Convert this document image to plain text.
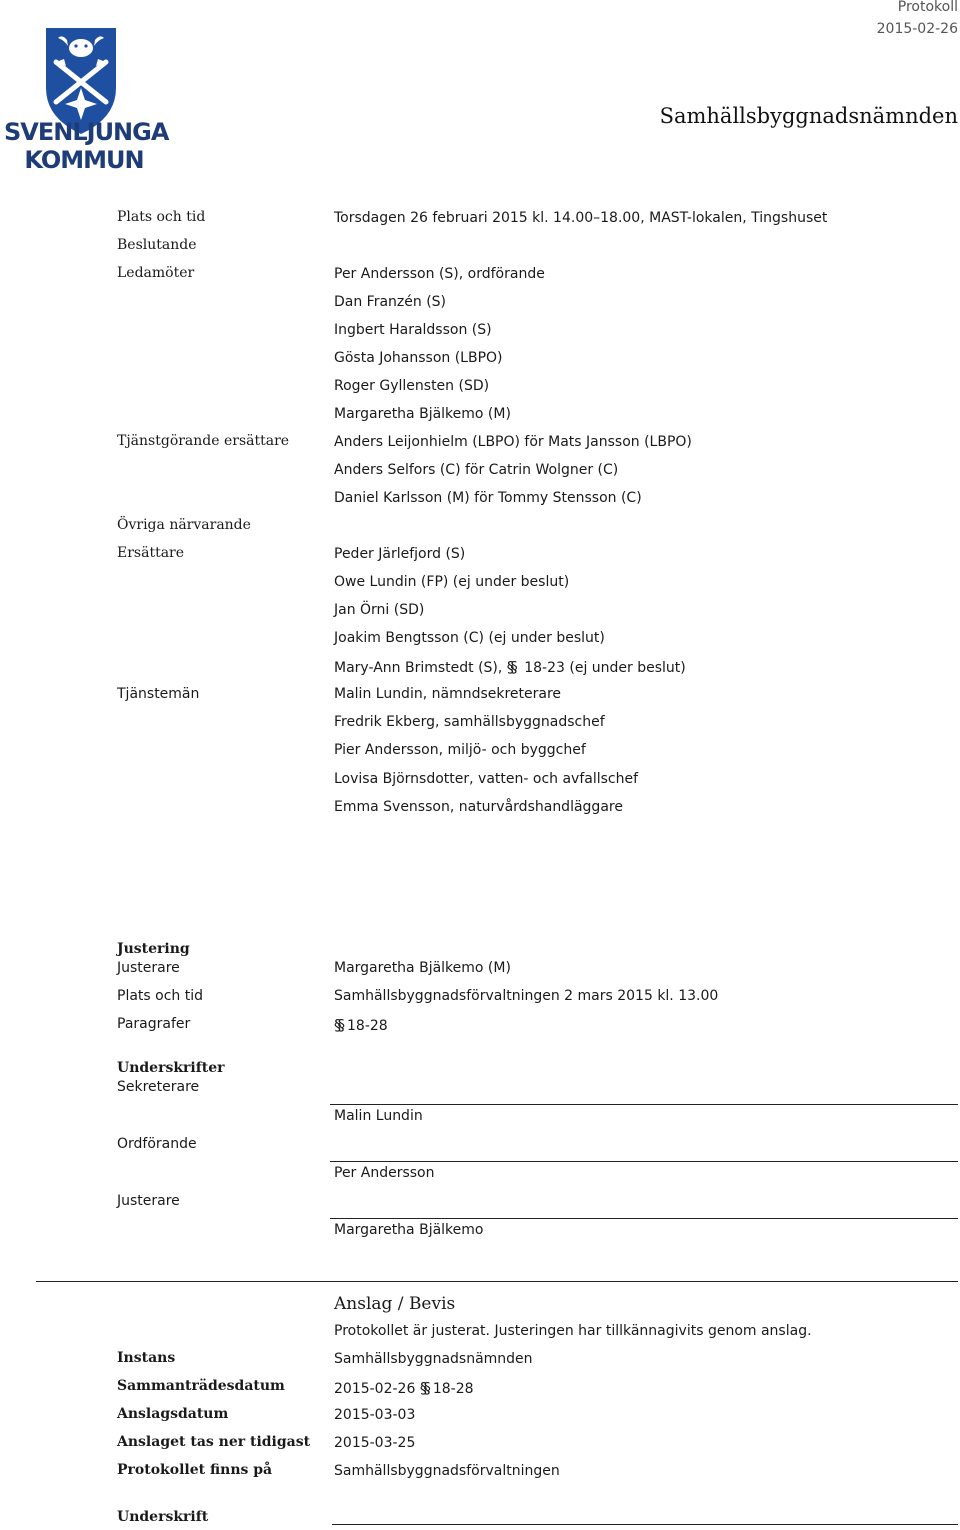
Protokoll
2015-02-26
Samhällsbyggnadsnämnden
SVENLJUNGA
KOMMUN
Plats och tid	Torsdagen 26 februari 2015 kl. 14.00–18.00, MAST-lokalen, Tingshuset
Beslutande
Ledamöter	Per Andersson (S), ordförande
Dan Franzén (S)
Ingbert Haraldsson (S)
Gösta Johansson (LBPO)
Roger Gyllensten (SD)
Margaretha Bjälkemo (M)
Tjänstgörande ersättare	Anders Leijonhielm (LBPO) för Mats Jansson (LBPO)
Anders Selfors (C) för Catrin Wolgner (C)
Daniel Karlsson (M) för Tommy Stensson (C)
Övriga närvarande
Ersättare	Peder Järlefjord (S)
Owe Lundin (FP) (ej under beslut)
Jan Örni (SD)
Joakim Bengtsson (C) (ej under beslut)
Mary-Ann Brimstedt (S), §§ 18-23 (ej under beslut)
Tjänstemän	Malin Lundin, nämndsekreterare
Fredrik Ekberg, samhällsbyggnadschef
Pier Andersson, miljö- och byggchef
Lovisa Björnsdotter, vatten- och avfallschef
Emma Svensson, naturvårdshandläggare
Justering
Justerare	Margaretha Bjälkemo (M)
Plats och tid	Samhällsbyggnadsförvaltningen 2 mars 2015 kl. 13.00
Paragrafer	§§ 18-28
Underskrifter
Sekreterare
Malin Lundin
Ordförande
Per Andersson
Justerare
Margaretha Bjälkemo
Anslag / Bevis
Protokollet är justerat. Justeringen har tillkännagivits genom anslag.
Instans	Samhällsbyggnadsnämnden
Sammanträdesdatum	2015-02-26 §§ 18-28
Anslagsdatum	2015-03-03
Anslaget tas ner tidigast 2015-03-25
Protokollet finns på	Samhällsbyggnadsförvaltningen
Underskrift
